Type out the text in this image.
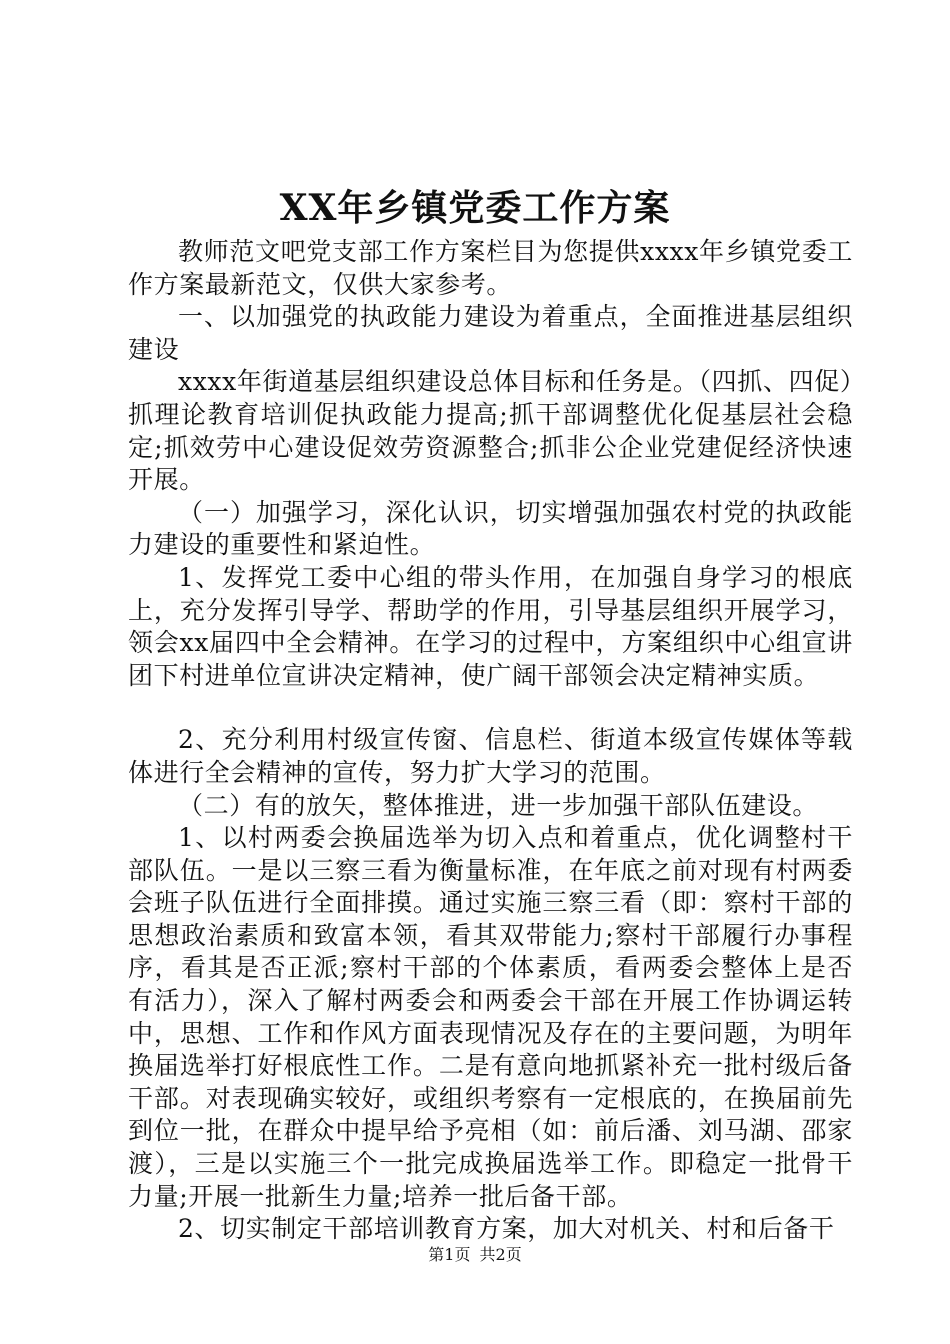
XX年乡镇党委工作方案

教师范文吧党支部工作方案栏目为您提供xxxx年乡镇党委工作方案最新范文，仅供大家参考。

一、以加强党的执政能力建设为着重点，全面推进基层组织建设

xxxx年街道基层组织建设总体目标和任务是。（四抓、四促）抓理论教育培训促执政能力提高;抓干部调整优化促基层社会稳定;抓效劳中心建设促效劳资源整合;抓非公企业党建促经济快速开展。

（一）加强学习，深化认识，切实增强加强农村党的执政能力建设的重要性和紧迫性。

1、发挥党工委中心组的带头作用，在加强自身学习的根底上，充分发挥引导学、帮助学的作用，引导基层组织开展学习，领会xx届四中全会精神。在学习的过程中，方案组织中心组宣讲团下村进单位宣讲决定精神，使广阔干部领会决定精神实质。

2、充分利用村级宣传窗、信息栏、街道本级宣传媒体等载体进行全会精神的宣传，努力扩大学习的范围。

（二）有的放矢，整体推进，进一步加强干部队伍建设。

1、以村两委会换届选举为切入点和着重点，优化调整村干部队伍。一是以三察三看为衡量标准，在年底之前对现有村两委会班子队伍进行全面排摸。通过实施三察三看（即：察村干部的思想政治素质和致富本领，看其双带能力;察村干部履行办事程序，看其是否正派;察村干部的个体素质，看两委会整体上是否有活力），深入了解村两委会和两委会干部在开展工作协调运转中，思想、工作和作风方面表现情况及存在的主要问题，为明年换届选举打好根底性工作。二是有意向地抓紧补充一批村级后备干部。对表现确实较好，或组织考察有一定根底的，在换届前先到位一批，在群众中提早给予亮相（如：前后潘、刘马湖、邵家渡），三是以实施三个一批完成换届选举工作。即稳定一批骨干力量;开展一批新生力量;培养一批后备干部。

2、切实制定干部培训教育方案，加大对机关、村和后备干

第1页 共2页
